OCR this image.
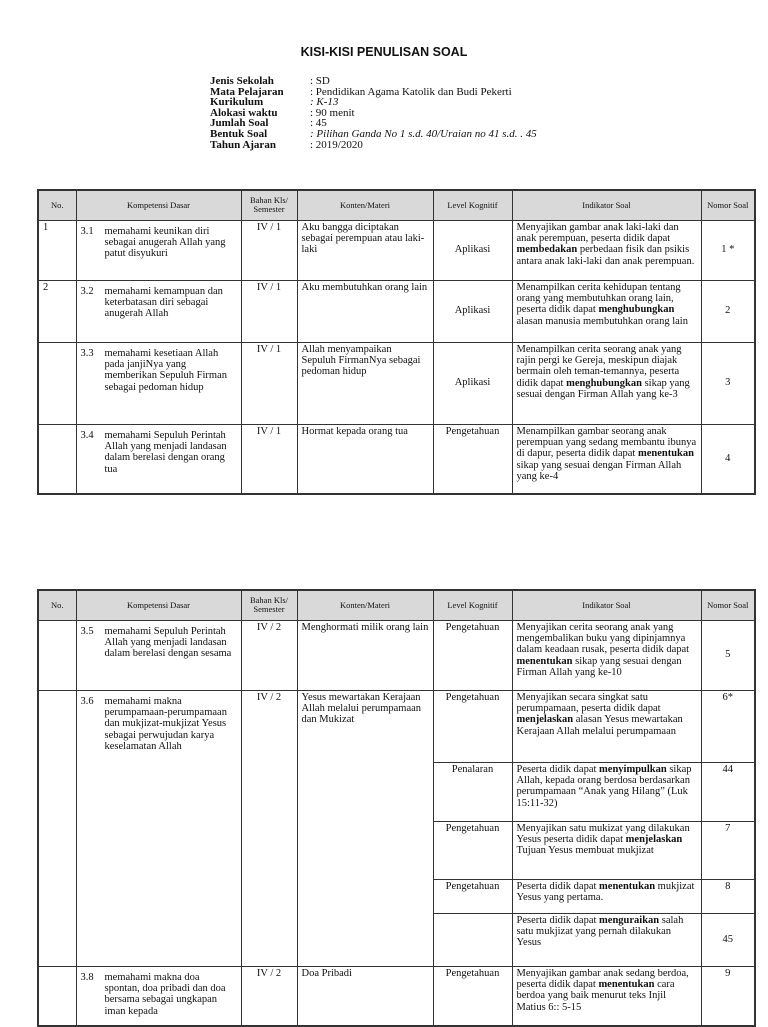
KISI-KISI PENULISAN SOAL
Jenis Sekolah	: SD
Mata Pelajaran	: Pendidikan Agama Katolik dan Budi Pekerti
Kurikulum	: K-13
Alokasi waktu	: 90 menit
Jumlah Soal	: 45
Bentuk Soal	: Pilihan Ganda No 1 s.d. 40/Uraian no 41 s.d. . 45
Tahun Ajaran	: 2019/2020
No.	Kompetensi Dasar	Bahan Kls/ Semester	Konten/Materi	Level Kognitif	Indikator Soal	Nomor Soal
1	3.1 memahami keunikan diri sebagai anugerah Allah yang patut disyukuri	IV / 1	Aku bangga diciptakan sebagai perempuan atau laki-laki	Aplikasi	Menyajikan gambar anak laki-laki dan anak perempuan, peserta didik dapat membedakan perbedaan fisik dan psikis antara anak laki-laki dan anak perempuan.	1 *
2	3.2 memahami kemampuan dan keterbatasan diri sebagai anugerah Allah	IV / 1	Aku membutuhkan orang lain	Aplikasi	Menampilkan cerita kehidupan tentang orang yang membutuhkan orang lain, peserta didik dapat menghubungkan alasan manusia membutuhkan orang lain	2

	3.3 memahami kesetiaan Allah pada janjiNya yang memberikan Sepuluh Firman sebagai pedoman hidup	IV / 1	Allah menyampaikan Sepuluh FirmanNya sebagai pedoman hidup	Aplikasi	Menampilkan cerita seorang anak yang rajin pergi ke Gereja, meskipun diajak bermain oleh teman-temannya, peserta didik dapat menghubungkan sikap yang sesuai dengan Firman Allah yang ke-3	3

	3.4 memahami Sepuluh Perintah Allah yang menjadi landasan dalam berelasi dengan orang tua	IV / 1	Hormat kepada orang tua	Pengetahuan	Menampilkan gambar seorang anak perempuan yang sedang membantu ibunya di dapur, peserta didik dapat menentukan sikap yang sesuai dengan Firman Allah yang ke-4	4
No.	Kompetensi Dasar	Bahan Kls/ Semester	Konten/Materi	Level Kognitif	Indikator Soal	Nomor Soal

	3.5 memahami Sepuluh Perintah Allah yang menjadi landasan dalam berelasi dengan sesama	IV / 2	Menghormati milik orang lain	Pengetahuan	Menyajikan cerita seorang anak yang mengembalikan buku yang dipinjamnya dalam keadaan rusak, peserta didik dapat menentukan sikap yang sesuai dengan Firman Allah yang ke-10	5

	3.6 memahami makna perumpamaan-perumpamaan dan mukjizat-mukjizat Yesus sebagai perwujudan karya keselamatan Allah	IV / 2	Yesus mewartakan Kerajaan Allah melalui perumpamaan dan Mukizat	Pengetahuan	Menyajikan secara singkat satu perumpamaan, peserta didik dapat menjelaskan alasan Yesus mewartakan Kerajaan Allah melalui perumpamaan	6*
				Penalaran	Peserta didik dapat menyimpulkan sikap Allah, kepada orang berdosa berdasarkan perumpamaan “Anak yang Hilang” (Luk 15:11-32)	44
				Pengetahuan	Menyajikan satu mukizat yang dilakukan Yesus peserta didik dapat menjelaskan Tujuan Yesus membuat mukjizat	7
				Pengetahuan	Peserta didik dapat menentukan mukjizat Yesus yang pertama.	8
					Peserta didik dapat menguraikan salah satu mukjizat yang pernah dilakukan Yesus	45

	3.8 memahami makna doa spontan, doa pribadi dan doa bersama sebagai ungkapan iman kepada	IV / 2	Doa Pribadi	Pengetahuan	Menyajikan gambar anak sedang berdoa, peserta didik dapat menentukan cara berdoa yang baik menurut teks Injil Matius 6:: 5-15	9
